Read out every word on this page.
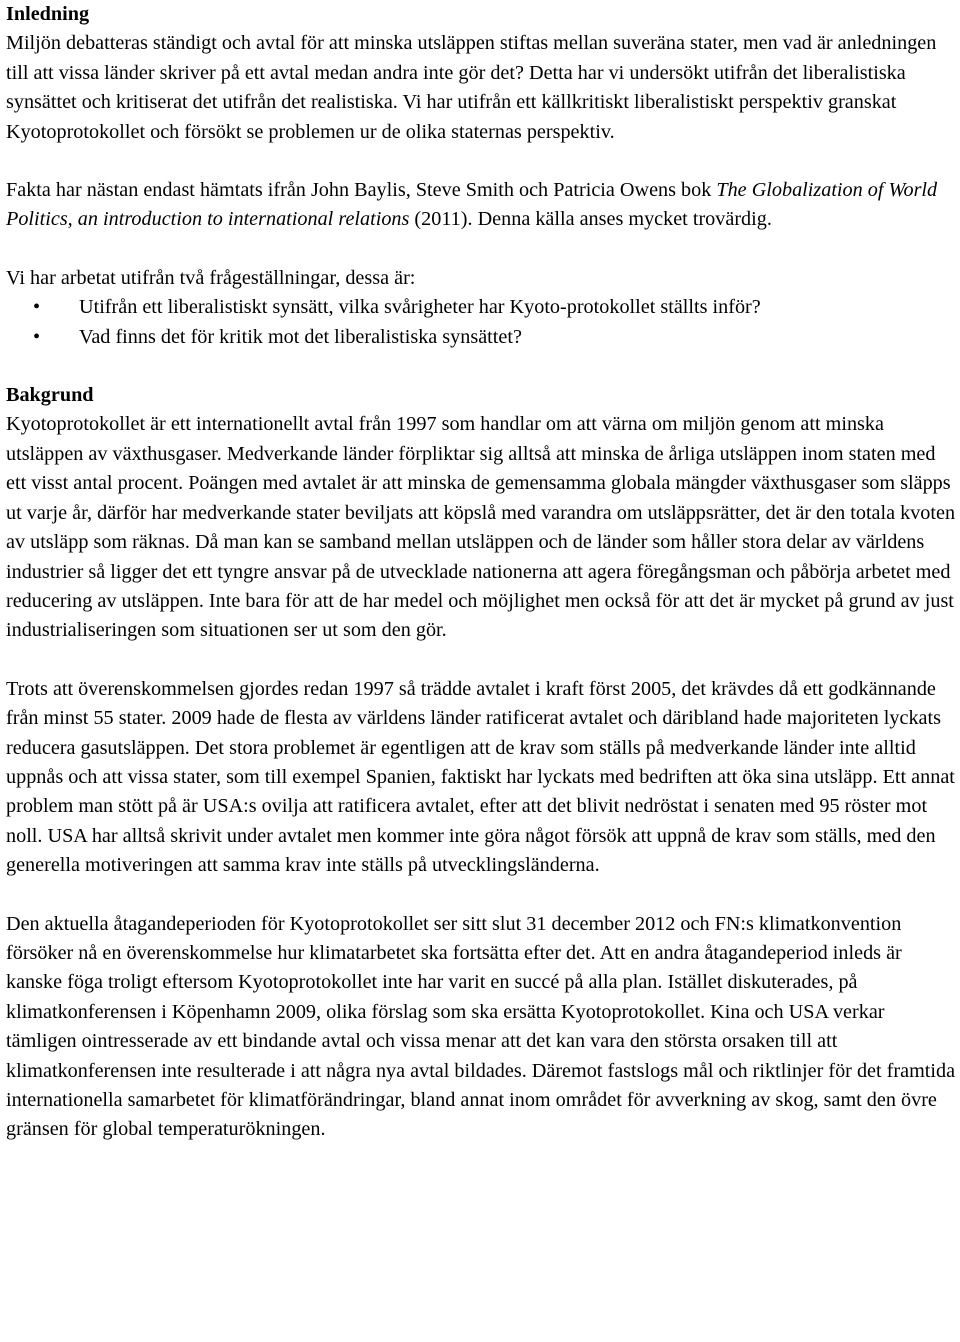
Inledning

Miljön debatteras ständigt och avtal för att minska utsläppen stiftas mellan suveräna stater, men vad är anledningen till att vissa länder skriver på ett avtal medan andra inte gör det? Detta har vi undersökt utifrån det liberalistiska synsättet och kritiserat det utifrån det realistiska. Vi har utifrån ett källkritiskt liberalistiskt perspektiv granskat Kyotoprotokollet och försökt se problemen ur de olika staternas perspektiv.

Fakta har nästan endast hämtats ifrån John Baylis, Steve Smith och Patricia Owens bok The Globalization of World Politics, an introduction to international relations (2011). Denna källa anses mycket trovärdig.

Vi har arbetat utifrån två frågeställningar, dessa är:

• Utifrån ett liberalistiskt synsätt, vilka svårigheter har Kyoto-protokollet ställts inför?
• Vad finns det för kritik mot det liberalistiska synsättet?
Bakgrund

Kyotoprotokollet är ett internationellt avtal från 1997 som handlar om att värna om miljön genom att minska utsläppen av växthusgaser. Medverkande länder förpliktar sig alltså att minska de årliga utsläppen inom staten med ett visst antal procent. Poängen med avtalet är att minska de gemensamma globala mängder växthusgaser som släpps ut varje år, därför har medverkande stater beviljats att köpslå med varandra om utsläppsrätter, det är den totala kvoten av utsläpp som räknas. Då man kan se samband mellan utsläppen och de länder som håller stora delar av världens industrier så ligger det ett tyngre ansvar på de utvecklade nationerna att agera föregångsman och påbörja arbetet med reducering av utsläppen. Inte bara för att de har medel och möjlighet men också för att det är mycket på grund av just industrialiseringen som situationen ser ut som den gör.

Trots att överenskommelsen gjordes redan 1997 så trädde avtalet i kraft först 2005, det krävdes då ett godkännande från minst 55 stater. 2009 hade de flesta av världens länder ratificerat avtalet och däribland hade majoriteten lyckats reducera gasutsläppen. Det stora problemet är egentligen att de krav som ställs på medverkande länder inte alltid uppnås och att vissa stater, som till exempel Spanien, faktiskt har lyckats med bedriften att öka sina utsläpp. Ett annat problem man stött på är USA:s ovilja att ratificera avtalet, efter att det blivit nedröstat i senaten med 95 röster mot noll. USA har alltså skrivit under avtalet men kommer inte göra något försök att uppnå de krav som ställs, med den generella motiveringen att samma krav inte ställs på utvecklingsländerna.

Den aktuella åtagandeperioden för Kyotoprotokollet ser sitt slut 31 december 2012 och FN:s klimatkonvention försöker nå en överenskommelse hur klimatarbetet ska fortsätta efter det. Att en andra åtagandeperiod inleds är kanske föga troligt eftersom Kyotoprotokollet inte har varit en succé på alla plan. Istället diskuterades, på klimatkonferensen i Köpenhamn 2009, olika förslag som ska ersätta Kyotoprotokollet. Kina och USA verkar tämligen ointresserade av ett bindande avtal och vissa menar att det kan vara den största orsaken till att klimatkonferensen inte resulterade i att några nya avtal bildades. Däremot fastslogs mål och riktlinjer för det framtida internationella samarbetet för klimatförändringar, bland annat inom området för avverkning av skog, samt den övre gränsen för global temperaturökningen.
